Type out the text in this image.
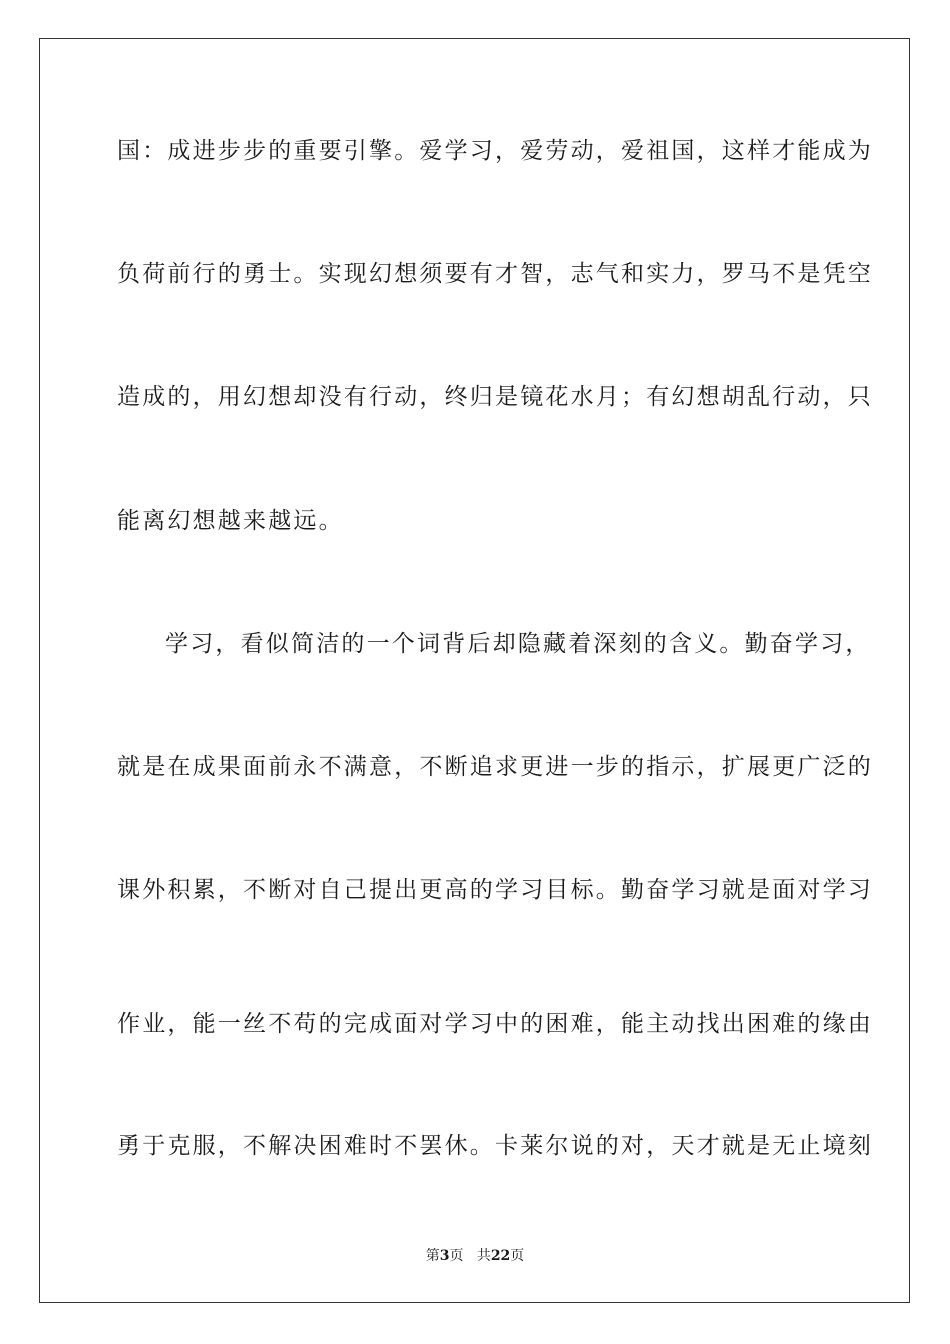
国：成进步步的重要引擎。爱学习，爱劳动，爱祖国，这样才能成为
负荷前行的勇士。实现幻想须要有才智，志气和实力，罗马不是凭空
造成的，用幻想却没有行动，终归是镜花水月；有幻想胡乱行动，只
能离幻想越来越远。
学习，看似简洁的一个词背后却隐藏着深刻的含义。勤奋学习，
就是在成果面前永不满意，不断追求更进一步的指示，扩展更广泛的
课外积累，不断对自己提出更高的学习目标。勤奋学习就是面对学习
作业，能一丝不苟的完成面对学习中的困难，能主动找出困难的缘由
勇于克服，不解决困难时不罢休。卡莱尔说的对，天才就是无止境刻
第3页 共22页
